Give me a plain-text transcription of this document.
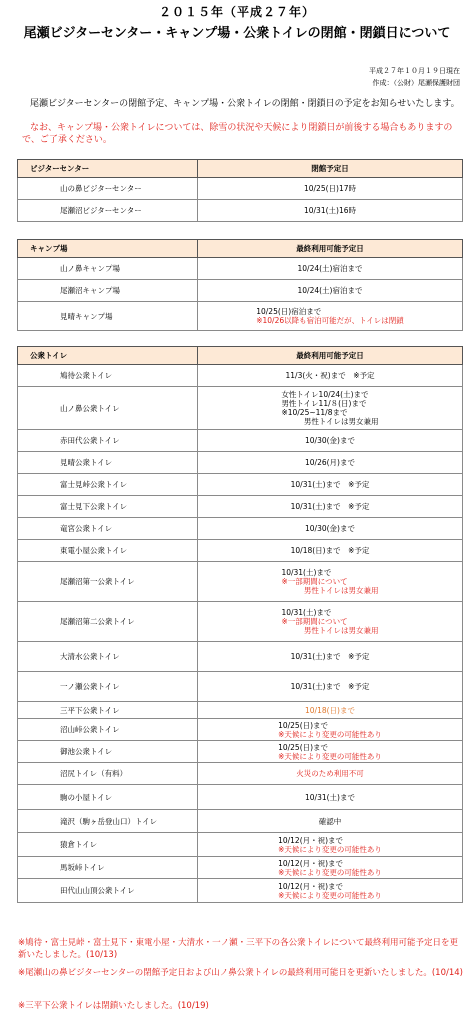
２０１５年（平成２７年）
尾瀬ビジターセンター・キャンプ場・公衆トイレの閉館・閉鎖日について
平成２７年１０月１９日現在
作成：（公財）尾瀬保護財団
尾瀬ビジターセンターの閉館予定、キャンプ場・公衆トイレの閉館・閉鎖日の予定をお知らせいたします。
なお、キャンプ場・公衆トイレについては、除雪の状況や天候により閉鎖日が前後する場合もありますので、ご了承ください。
ビジターセンター	閉館予定日
山の鼻ビジターセンター	10/25(日)17時

尾瀬沼ビジターセンター	10/31(土)16時
キャンプ場	最終利用可能予定日
山ノ鼻キャンプ場	10/24(土)宿泊まで

尾瀬沼キャンプ場	10/24(土)宿泊まで

見晴キャンプ場	10/25(日)宿泊まで
※10/26以降も宿泊可能だが、トイレは閉鎖
公衆トイレ	最終利用可能予定日
鳩待公衆トイレ	11/3(火・祝)まで　※予定

山ノ鼻公衆トイレ	女性トイレ10/24(土)まで
男性トイレ11/８(日)まで
※10/25~11/8まで
　　　男性トイレは男女兼用

赤田代公衆トイレ	10/30(金)まで

見晴公衆トイレ	10/26(月)まで

富士見峠公衆トイレ	10/31(土)まで　※予定

富士見下公衆トイレ	10/31(土)まで　※予定

竜宮公衆トイレ	10/30(金)まで

東電小屋公衆トイレ	10/18(日)まで　※予定

尾瀬沼第一公衆トイレ	10/31(土)まで
※一部期間について
　　　男性トイレは男女兼用

尾瀬沼第二公衆トイレ	10/31(土)まで
※一部期間について
　　　男性トイレは男女兼用

大清水公衆トイレ	10/31(土)まで　※予定

一ノ瀬公衆トイレ	10/31(土)まで　※予定

三平下公衆トイレ	10/18(日)まで

沼山峠公衆トイレ	10/25(日)まで
※天候により変更の可能性あり

御池公衆トイレ	10/25(日)まで
※天候により変更の可能性あり

沼尻トイレ（有料）	火災のため利用不可

駒の小屋トイレ	10/31(土)まで

滝沢（駒ヶ岳登山口）トイレ	確認中

猿倉トイレ	10/12(月・祝)まで
※天候により変更の可能性あり

馬坂峠トイレ	10/12(月・祝)まで
※天候により変更の可能性あり

田代山山頂公衆トイレ	10/12(月・祝)まで
※天候により変更の可能性あり
※鳩待・富士見峠・富士見下・東電小屋・大清水・一ノ瀬・三平下の各公衆トイレについて最終利用可能予定日を更新いたしました。(10/13)
※尾瀬山の鼻ビジターセンターの閉館予定日および山ノ鼻公衆トイレの最終利用可能日を更新いたしました。(10/14)
※三平下公衆トイレは閉鎖いたしました。(10/19)
